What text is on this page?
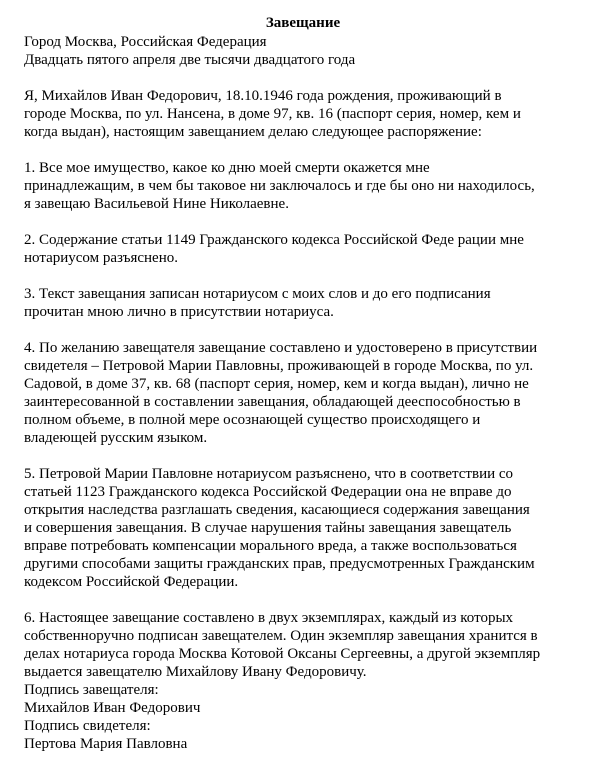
Завещание

Город Москва, Российская Федерация

Двадцать пятого апреля две тысячи двадцатого года

Я, Михайлов Иван Федорович, 18.10.1946 года рождения, проживающий в

городе Москва, по ул. Нансена, в доме 97, кв. 16 (паспорт серия, номер, кем и

когда выдан), настоящим завещанием делаю следующее распоряжение:

1. Все мое имущество, какое ко дню моей смерти окажется мне

принадлежащим, в чем бы таковое ни заключалось и где бы оно ни находилось,

я завещаю Васильевой Нине Николаевне.

2. Содержание статьи 1149 Гражданского кодекса Российской Феде рации мне

нотариусом разъяснено.

3. Текст завещания записан нотариусом с моих слов и до его подписания

прочитан мною лично в присутствии нотариуса.

4. По желанию завещателя завещание составлено и удостоверено в присутствии

свидетеля – Петровой Марии Павловны, проживающей в городе Москва, по ул.

Садовой, в доме 37, кв. 68 (паспорт серия, номер, кем и когда выдан), лично не

заинтересованной в составлении завещания, обладающей дееспособностью в

полном объеме, в полной мере осознающей существо происходящего и

владеющей русским языком.

5. Петровой Марии Павловне нотариусом разъяснено, что в соответствии со

статьей 1123 Гражданского кодекса Российской Федерации она не вправе до

открытия наследства разглашать сведения, касающиеся содержания завещания

и совершения завещания. В случае нарушения тайны завещания завещатель

вправе потребовать компенсации морального вреда, а также воспользоваться

другими способами защиты гражданских прав, предусмотренных Гражданским

кодексом Российской Федерации.

6. Настоящее завещание составлено в двух экземплярах, каждый из которых

собственноручно подписан завещателем. Один экземпляр завещания хранится в

делах нотариуса города Москва Котовой Оксаны Сергеевны, а другой экземпляр

выдается завещателю Михайлову Ивану Федоровичу.

Подпись завещателя:

Михайлов Иван Федорович

Подпись свидетеля:

Пертова Мария Павловна
